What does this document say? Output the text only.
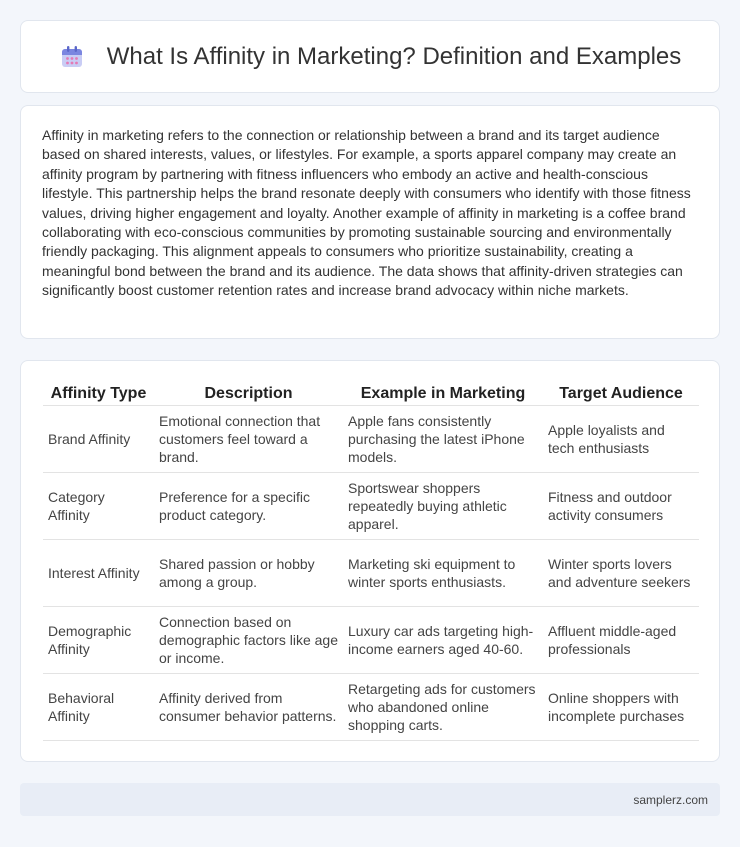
What Is Affinity in Marketing? Definition and Examples

Affinity in marketing refers to the connection or relationship between a brand and its target audience based on shared interests, values, or lifestyles. For example, a sports apparel company may create an affinity program by partnering with fitness influencers who embody an active and health-conscious lifestyle. This partnership helps the brand resonate deeply with consumers who identify with those fitness values, driving higher engagement and loyalty. Another example of affinity in marketing is a coffee brand collaborating with eco-conscious communities by promoting sustainable sourcing and environmentally friendly packaging. This alignment appeals to consumers who prioritize sustainability, creating a meaningful bond between the brand and its audience. The data shows that affinity-driven strategies can significantly boost customer retention rates and increase brand advocacy within niche markets.

Affinity Type	Description	Example in Marketing	Target Audience
Brand Affinity	Emotional connection that customers feel toward a brand.	Apple fans consistently purchasing the latest iPhone models.	Apple loyalists and tech enthusiasts
Category Affinity	Preference for a specific product category.	Sportswear shoppers repeatedly buying athletic apparel.	Fitness and outdoor activity consumers
Interest Affinity	Shared passion or hobby among a group.	Marketing ski equipment to winter sports enthusiasts.	Winter sports lovers and adventure seekers
Demographic Affinity	Connection based on demographic factors like age or income.	Luxury car ads targeting high-income earners aged 40-60.	Affluent middle-aged professionals
Behavioral Affinity	Affinity derived from consumer behavior patterns.	Retargeting ads for customers who abandoned online shopping carts.	Online shoppers with incomplete purchases
samplerz.com
